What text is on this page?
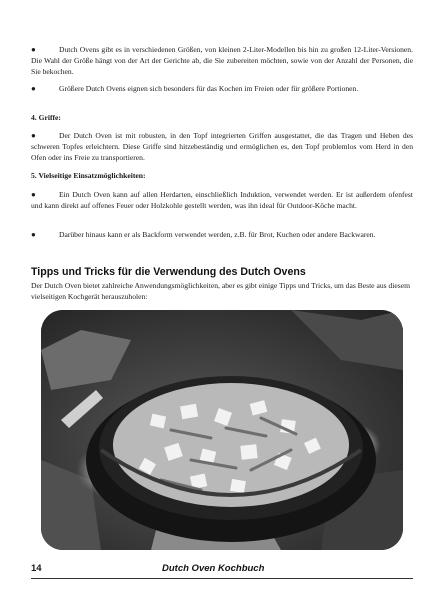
●	Dutch Ovens gibt es in verschiedenen Größen, von kleinen 2-Liter-Modellen bis hin zu großen 12-Liter-Versionen. Die Wahl der Größe hängt von der Art der Gerichte ab, die Sie zubereiten möchten, sowie von der Anzahl der Personen, die Sie bekochen.

●	Größere Dutch Ovens eignen sich besonders für das Kochen im Freien oder für größere Portionen.

4. Griffe:

●	Der Dutch Oven ist mit robusten, in den Topf integrierten Griffen ausgestattet, die das Tragen und Heben des schweren Topfes erleichtern. Diese Griffe sind hitzebeständig und ermöglichen es, den Topf problemlos vom Herd in den Ofen oder ins Freie zu transportieren.

5. Vielseitige Einsatzmöglichkeiten:

●	Ein Dutch Oven kann auf allen Herdarten, einschließlich Induktion, verwendet werden. Er ist außerdem ofenfest und kann direkt auf offenes Feuer oder Holzkohle gestellt werden, was ihn ideal für Outdoor-Köche macht.

●	Darüber hinaus kann er als Backform verwendet werden, z.B. für Brot, Kuchen oder andere Backwaren.

Tipps und Tricks für die Verwendung des Dutch Ovens

Der Dutch Oven bietet zahlreiche Anwendungsmöglichkeiten, aber es gibt einige Tipps und Tricks, um das Beste aus diesem vielseitigen Kochgerät herauszuholen:

14	Dutch Oven Kochbuch
